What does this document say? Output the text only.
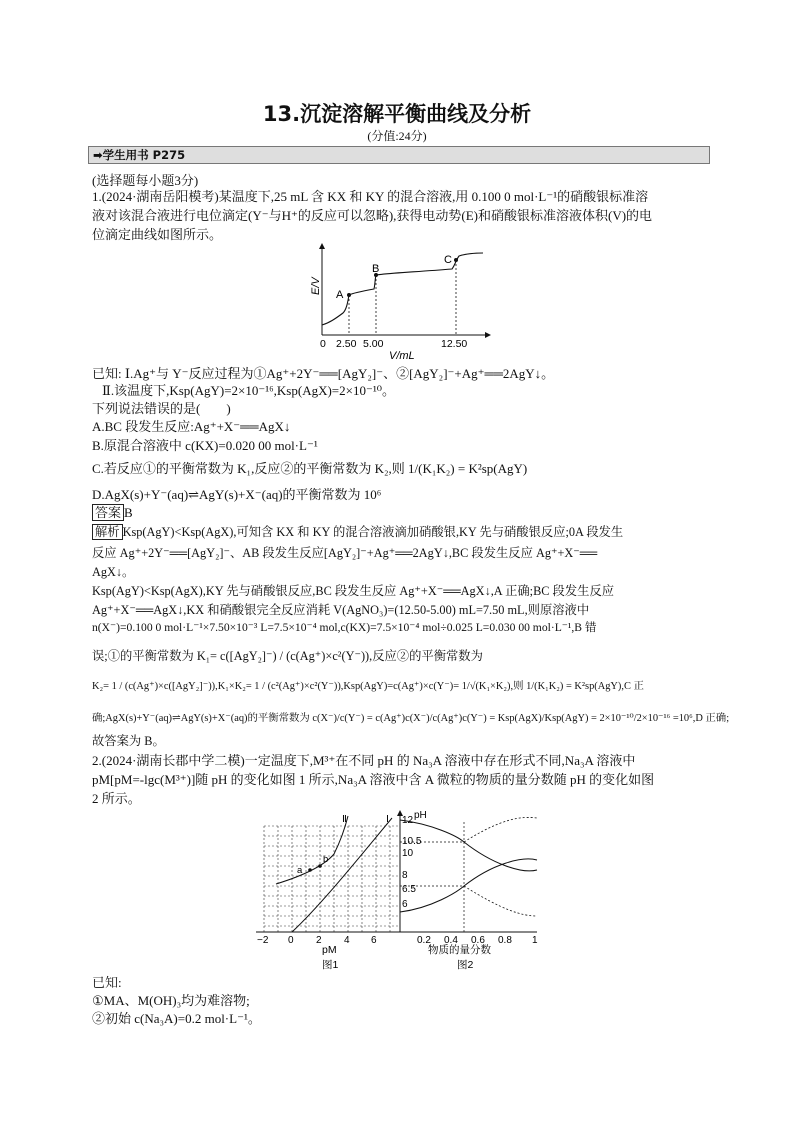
13.沉淀溶解平衡曲线及分析
(分值:24分)
➡学生用书 P275
(选择题每小题3分)
1.(2024·湖南岳阳模考)某温度下,25 mL 含 KX 和 KY 的混合溶液,用 0.100 0 mol·L⁻¹的硝酸银标准溶
液对该混合液进行电位滴定(Y⁻与H⁺的反应可以忽略),获得电动势(E)和硝酸银标准溶液体积(V)的电
位滴定曲线如图所示。
A
B
C
0 2.50 5.00	12.50
V/mL
E/V
已知: Ⅰ.Ag⁺与 Y⁻反应过程为①Ag⁺+2Y⁻══[AgY₂]⁻、②[AgY₂]⁻+Ag⁺══2AgY↓。
Ⅱ.该温度下,Ksp(AgY)=2×10⁻¹⁶,Ksp(AgX)=2×10⁻¹⁰。
下列说法错误的是(　　)
A.BC 段发生反应:Ag⁺+X⁻══AgX↓
B.原混合溶液中 c(KX)=0.020 00 mol·L⁻¹
C.若反应①的平衡常数为 K₁,反应②的平衡常数为 K₂,则 1/(K₁K₂) = K²sp(AgY)
D.AgX(s)+Y⁻(aq)⇌AgY(s)+X⁻(aq)的平衡常数为 10⁶
答案 B
解析 Ksp(AgY)<Ksp(AgX),可知含 KX 和 KY 的混合溶液滴加硝酸银,KY 先与硝酸银反应;0A 段发生
反应 Ag⁺+2Y⁻══[AgY₂]⁻、AB 段发生反应[AgY₂]⁻+Ag⁺══2AgY↓,BC 段发生反应 Ag⁺+X⁻══
AgX↓。
Ksp(AgY)<Ksp(AgX),KY 先与硝酸银反应,BC 段发生反应 Ag⁺+X⁻══AgX↓,A 正确;BC 段发生反应
Ag⁺+X⁻══AgX↓,KX 和硝酸银完全反应消耗 V(AgNO₃)=(12.50-5.00) mL=7.50 mL,则原溶液中
n(X⁻)=0.100 0 mol·L⁻¹×7.50×10⁻³ L=7.5×10⁻⁴ mol,c(KX)=7.5×10⁻⁴ mol÷0.025 L=0.030 00 mol·L⁻¹,B 错
误;①的平衡常数为 K₁= c([AgY₂]⁻) / (c(Ag⁺)×c²(Y⁻)),反应②的平衡常数为
K₂= 1 / (c(Ag⁺)×c([AgY₂]⁻)),K₁×K₂= 1 / (c²(Ag⁺)×c²(Y⁻)),Ksp(AgY)=c(Ag⁺)×c(Y⁻)= 1/√(K₁×K₂),则 1/(K₁K₂) = K²sp(AgY),C 正
确;AgX(s)+Y⁻(aq)⇌AgY(s)+X⁻(aq)的平衡常数为 c(X⁻)/c(Y⁻) = c(Ag⁺)c(X⁻)/c(Ag⁺)c(Y⁻) = Ksp(AgX)/Ksp(AgY) = 2×10⁻¹⁰/2×10⁻¹⁶ =10⁶,D 正确;
故答案为 B。
2.(2024·湖南长郡中学二模)一定温度下,M³⁺在不同 pH 的 Na₃A 溶液中存在形式不同,Na₃A 溶液中
pM[pM=-lgc(M³⁺)]随 pH 的变化如图 1 所示,Na₃A 溶液中含 A 微粒的物质的量分数随 pH 的变化如图
2 所示。
a
b
Ⅱ	Ⅰ
−2 0 2 4 6
pM
图1
pH
12
10.5
10
8
6.5
6
0.2 0.4 0.6 0.8 1
物质的量分数
图2
已知:
①MA、M(OH)₃均为难溶物;
②初始 c(Na₃A)=0.2 mol·L⁻¹。
